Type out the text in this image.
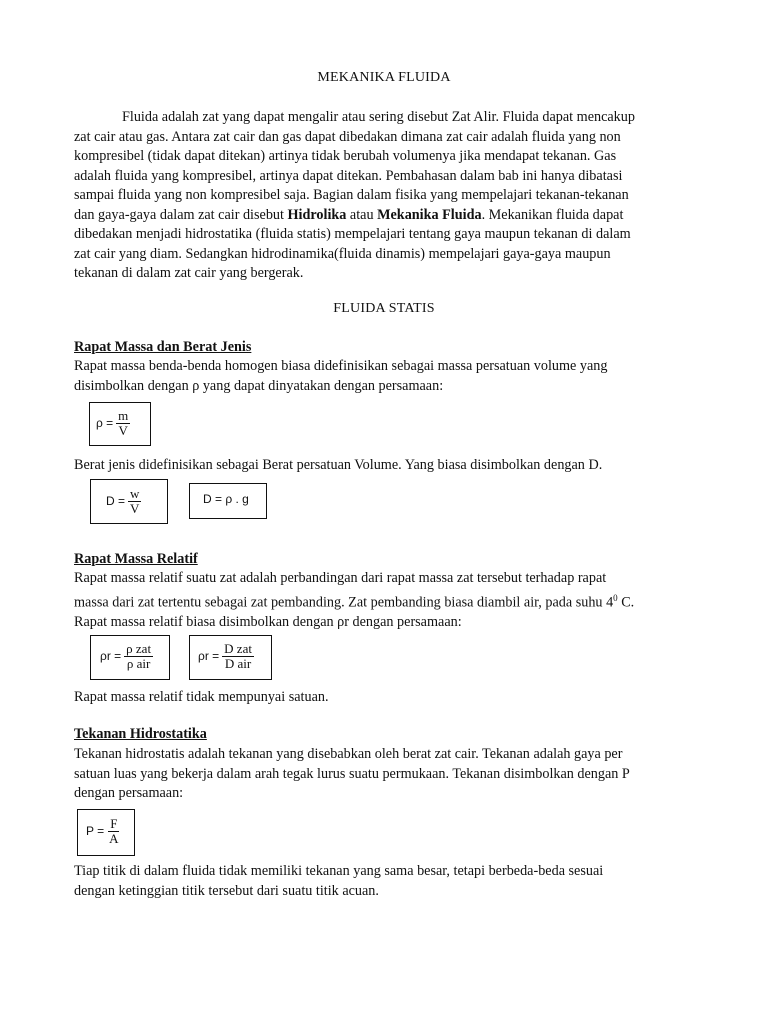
MEKANIKA FLUIDA
Fluida adalah zat yang dapat mengalir atau sering disebut Zat Alir. Fluida dapat mencakup
zat cair atau gas. Antara zat cair dan gas dapat dibedakan dimana zat cair adalah fluida yang non
kompresibel (tidak dapat ditekan) artinya tidak berubah volumenya jika mendapat tekanan. Gas
adalah fluida yang kompresibel, artinya dapat ditekan. Pembahasan dalam bab ini hanya dibatasi
sampai fluida yang non kompresibel saja. Bagian dalam fisika yang mempelajari tekanan-tekanan
dan gaya-gaya dalam zat cair disebut Hidrolika atau Mekanika Fluida. Mekanikan fluida dapat
dibedakan menjadi hidrostatika (fluida statis) mempelajari tentang gaya maupun tekanan di dalam
zat cair yang diam. Sedangkan hidrodinamika(fluida dinamis) mempelajari gaya-gaya maupun
tekanan di dalam zat cair yang bergerak.
FLUIDA STATIS
Rapat Massa dan Berat Jenis
Rapat massa benda-benda homogen biasa didefinisikan sebagai massa persatuan volume yang
disimbolkan dengan ρ yang dapat dinyatakan dengan persamaan:
$\rho = \frac{m}{V}$
Berat jenis didefinisikan sebagai Berat persatuan Volume. Yang biasa disimbolkan dengan D.
$D = \frac{w}{V}$	D = ρ . g
Rapat Massa Relatif
Rapat massa relatif suatu zat adalah perbandingan dari rapat massa zat tersebut terhadap rapat
massa dari zat tertentu sebagai zat pembanding. Zat pembanding biasa diambil air, pada suhu $4^0$ C.
Rapat massa relatif biasa disimbolkan dengan ρr dengan persamaan:
$\rho r = \frac{\text{ρ zat}}{\text{ρ air}}$	$\rho r = \frac{\text{D zat}}{\text{D air}}$
Rapat massa relatif tidak mempunyai satuan.
Tekanan Hidrostatika
Tekanan hidrostatis adalah tekanan yang disebabkan oleh berat zat cair. Tekanan adalah gaya per
satuan luas yang bekerja dalam arah tegak lurus suatu permukaan. Tekanan disimbolkan dengan P
dengan persamaan:
$P = \frac{F}{A}$
Tiap titik di dalam fluida tidak memiliki tekanan yang sama besar, tetapi berbeda-beda sesuai
dengan ketinggian titik tersebut dari suatu titik acuan.
